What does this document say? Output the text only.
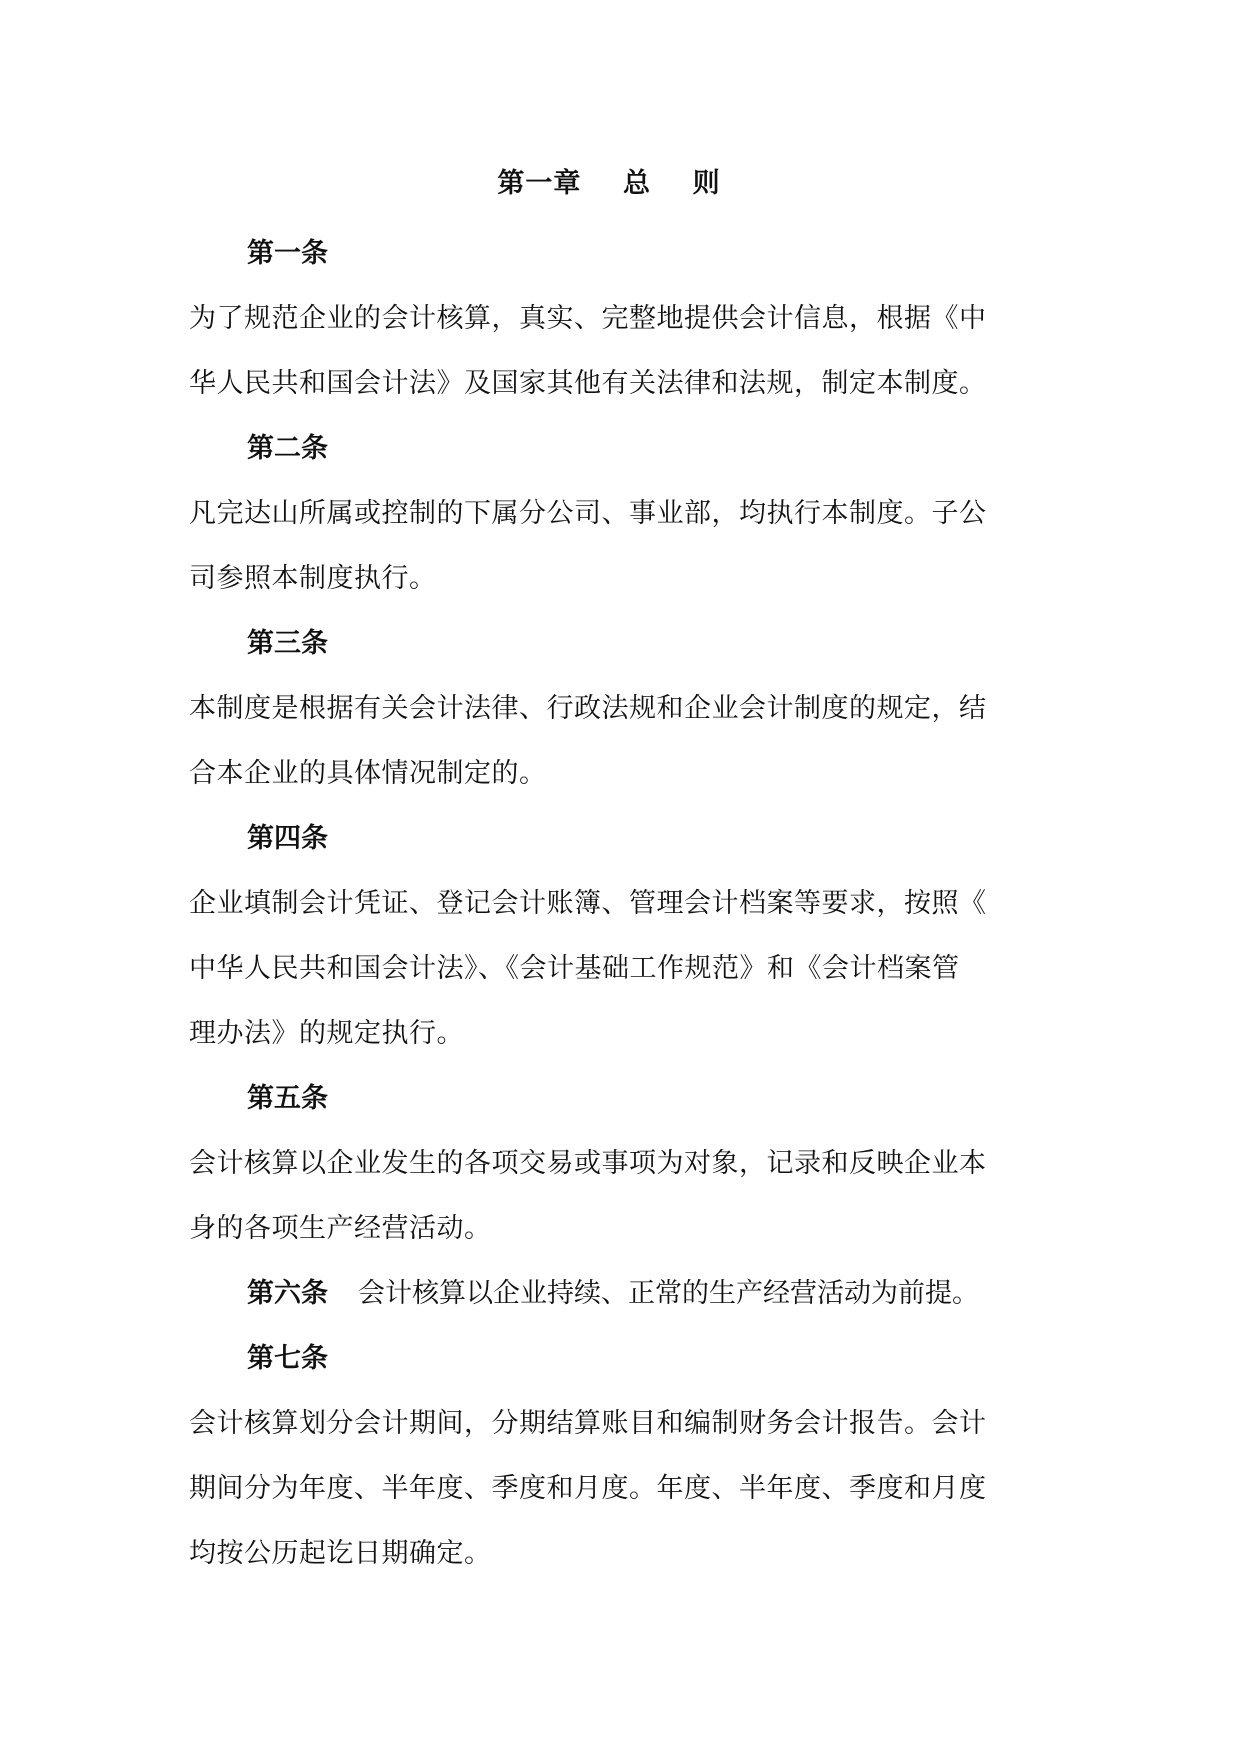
第一章    总    则
第一条
为了规范企业的会计核算，真实、完整地提供会计信息，根据《中
华人民共和国会计法》及国家其他有关法律和法规，制定本制度。
第二条
凡完达山所属或控制的下属分公司、事业部，均执行本制度。子公
司参照本制度执行。
第三条
本制度是根据有关会计法律、行政法规和企业会计制度的规定，结
合本企业的具体情况制定的。
第四条
企业填制会计凭证、登记会计账簿、管理会计档案等要求，按照《
中华人民共和国会计法》、《会计基础工作规范》和《会计档案管
理办法》的规定执行。
第五条
会计核算以企业发生的各项交易或事项为对象，记录和反映企业本
身的各项生产经营活动。
第六条 会计核算以企业持续、正常的生产经营活动为前提。
第七条
会计核算划分会计期间，分期结算账目和编制财务会计报告。会计
期间分为年度、半年度、季度和月度。年度、半年度、季度和月度
均按公历起讫日期确定。
